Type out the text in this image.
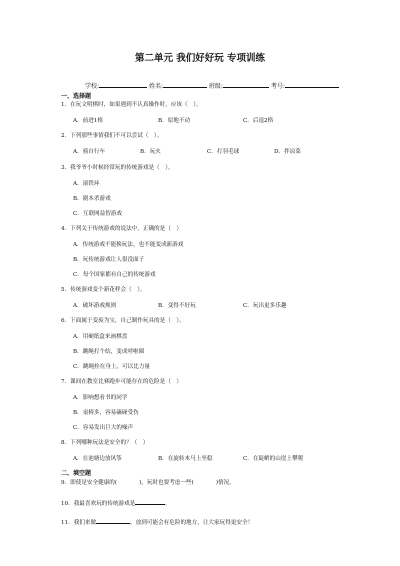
第二单元 我们好好玩 专项训练
学校:	姓名:	班级:	考号:
一、选择题
1．在玩文明棋时，如果遇到不认真操作时，应该（　）。
A．前进1格	B．原地不动	C．后退2格
2．下列那些事情我们不可以尝试（　）。
A．骑自行车	B．玩火	C．打羽毛球	D．拌凉菜
3．我爷爷小时候经常玩的传统游戏是（　）。
A．滚铁环
B．剧本杀游戏
C．互联网益智游戏
4．下列关于传统游戏的说法中，正确的是（　）
A．传统游戏不能换玩法，也不能变成新游戏
B．玩传统游戏让人很没面子
C．每个国家都有自己的传统游戏
5．传统游戏变个新花样会（　）。
A．破坏游戏规则	B．变得不好玩	C．玩出更多乐趣
6．下面属于变废为宝，自己制作玩具的是（　）。
A．用硬纸盒来画棋盘
B．跳绳打个结，变成呼啦圈
C．跳绳拴在身上，可以比力量
7．课间在教室比赛跑步可能存在的危险是（　）
A．影响想看书的同学
B．桌椅多，容易磕碰受伤
C．容易发出巨大的噪声
8．下列哪种玩法是安全的？（　）
A．在池塘边放风筝	B．在旋转木马上坐稳	C．在陡峭的山崖上攀爬
二、填空题
9．即使是安全健康的(	)，玩时也要考虑一些(	)情况。
10．我最喜欢玩的传统游戏是	。
11．我们来做	，放到可能会有危险的地方，让大家玩得更安全！
